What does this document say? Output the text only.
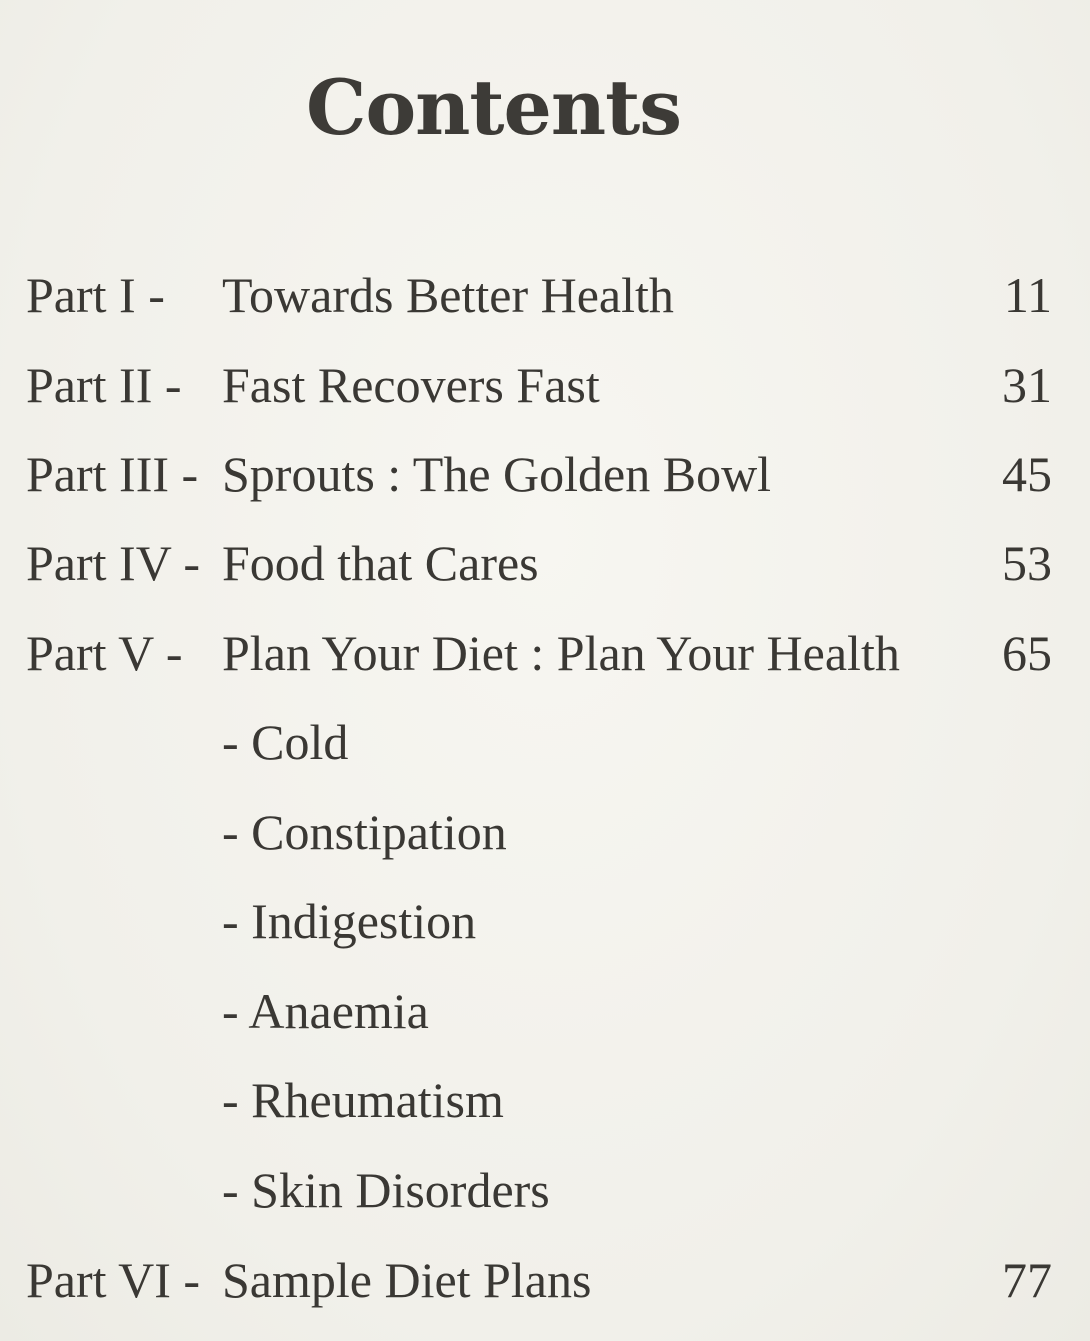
Contents
Part I - Towards Better Health	11
Part II - Fast Recovers Fast	31
Part III - Sprouts : The Golden Bowl	45
Part IV - Food that Cares	53
Part V - Plan Your Diet : Plan Your Health 65
- Cold
- Constipation
- Indigestion
- Anaemia
- Rheumatism
- Skin Disorders
Part VI - Sample Diet Plans	77
